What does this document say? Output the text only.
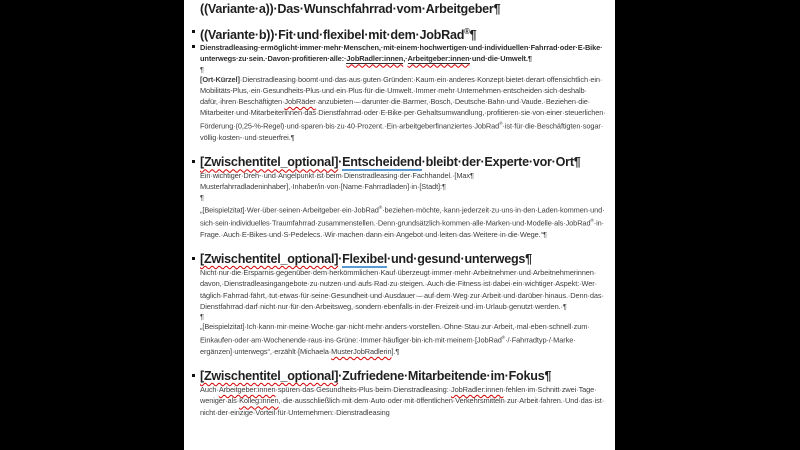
((Variante·​a))·​Das·​Wunschfahrrad·​vom·​Arbeitgeber¶
((Variante·​b))·​Fit·​und·​flexibel·​mit·​dem·​JobRad®¶
Dienstradleasing·​ermöglicht·​immer·​mehr·​Menschen,·​mit·​einem·​hochwertigen·​und·​individuellen·​Fahrrad·​oder·​E-Bike·​unterwegs·​zu·​sein.·​Davon·​profitieren·​alle:·​JobRadler:innen,·​Arbeitgeber:innen·​und·​die·​Umwelt.¶
¶
[Ort-Kürzel]·​Dienstradleasing·​boomt·​und·​das·​aus·​guten·​Gründen:·​Kaum·​ein·​anderes·​Konzept·​bietet·​derart·​offensichtlich·​ein·​Mobilitäts-Plus,·​ein·​Gesundheits-Plus·​und·​ein·​Plus·​für·​die·​Umwelt.·​Immer·​mehr·​Unternehmen·​entscheiden·​sich·​deshalb·​dafür,·​ihren·​Beschäftigten·​JobRäder·​anzubieten·​–·​darunter·​die·​Barmer,·​Bosch,·​Deutsche·​Bahn·​und·​Vaude.·​Beziehen·​die·​Mitarbeiter·​und·​Mitarbeiterinnen·​das·​Dienstfahrrad·​oder·​E-Bike·​per·​Gehaltsumwandlung,·​profitieren·​sie·​von·​einer·​steuerlichen·​Förderung·​(0,25-%-Regel)·​und·​sparen·​bis·​zu·​40·​Prozent.·​Ein·​arbeitgeberfinanziertes·​JobRad®·​ist·​für·​die·​Beschäftigten·​sogar·​völlig·​kosten-·​und·​steuerfrei.¶
[Zwischentitel_optional]·​Entscheidend·​bleibt·​der·​Experte·​vor·​Ort¶
Ein·​wichtiger·​Dreh-·​und·​Angelpunkt·​ist·​beim·​Dienstradleasing·​der·​Fachhandel.·​[Max¶
Musterfahrradladeninhaber],·​Inhaber/in·​von·​[Name·​Fahrradladen]·​in·​[Stadt]:¶
¶
„[Beispielzitat]·​Wer·​über·​seinen·​Arbeitgeber·​ein·​JobRad®·​beziehen·​möchte,·​kann·​jederzeit·​zu·​uns·​in·​den·​Laden·​kommen·​und·​sich·​sein·​individuelles·​Traumfahrrad·​zusammenstellen.·​Denn·​grundsätzlich·​kommen·​alle·​Marken·​und·​Modelle·​als·​JobRad®·​in·​Frage.·​Auch·​E-Bikes·​und·​S-Pedelecs.·​Wir·​machen·​dann·​ein·​Angebot·​und·​leiten·​das·​Weitere·​in·​die·​Wege.“¶
[Zwischentitel_optional]·​Flexibel·​und·​gesund·​unterwegs¶
Nicht·​nur·​die·​Ersparnis·​gegenüber·​dem·​herkömmlichen·​Kauf·​überzeugt·​immer·​mehr·​Arbeitnehmer·​und·​Arbeitnehmerinnen·​davon,·​Dienstradleasingangebote·​zu·​nutzen·​und·​aufs·​Rad·​zu·​steigen.·​Auch·​die·​Fitness·​ist·​dabei·​ein·​wichtiger·​Aspekt:·​Wer·​täglich·​Fahrrad·​fährt,·​tut·​etwas·​für·​seine·​Gesundheit·​und·​Ausdauer·​–·​auf·​dem·​Weg·​zur·​Arbeit·​und·​darüber·​hinaus.·​Denn·​das·​Dienstfahrrad·​darf·​nicht·​nur·​für·​den·​Arbeitsweg,·​sondern·​ebenfalls·​in·​der·​Freizeit·​und·​im·​Urlaub·​genutzt·​werden.·​¶
¶
„[Beispielzitat]·​Ich·​kann·​mir·​meine·​Woche·​gar·​nicht·​mehr·​anders·​vorstellen.·​Ohne·​Stau·​zur·​Arbeit,·​mal·​eben·​schnell·​zum·​Einkaufen·​oder·​am·​Wochenende·​raus·​ins·​Grüne:·​Immer·​häufiger·​bin·​ich·​mit·​meinem·​[JobRad®·​/·​Fahrradtyp·​/·​Marke·​ergänzen]·​unterwegs“,·​erzählt·​[Michaela·​MusterJobRadlerin].¶
[Zwischentitel_optional]·​Zufriedene·​Mitarbeitende·​im·​Fokus¶
Auch·​Arbeitgeber:innen·​spüren·​das·​Gesundheits-Plus·​beim·​Dienstradleasing:·​JobRadler:innen·​fehlen·​im·​Schnitt·​zwei·​Tage·​weniger·​als·​Kolleg:innen,·​die·​ausschließlich·​mit·​dem·​Auto·​oder·​mit·​öffentlichen·​Verkehrsmitteln·​zur·​Arbeit·​fahren.·​Und·​das·​ist·​nicht·​der·​einzige·​Vorteil·​für·​Unternehmen:·​Dienstradleasing
